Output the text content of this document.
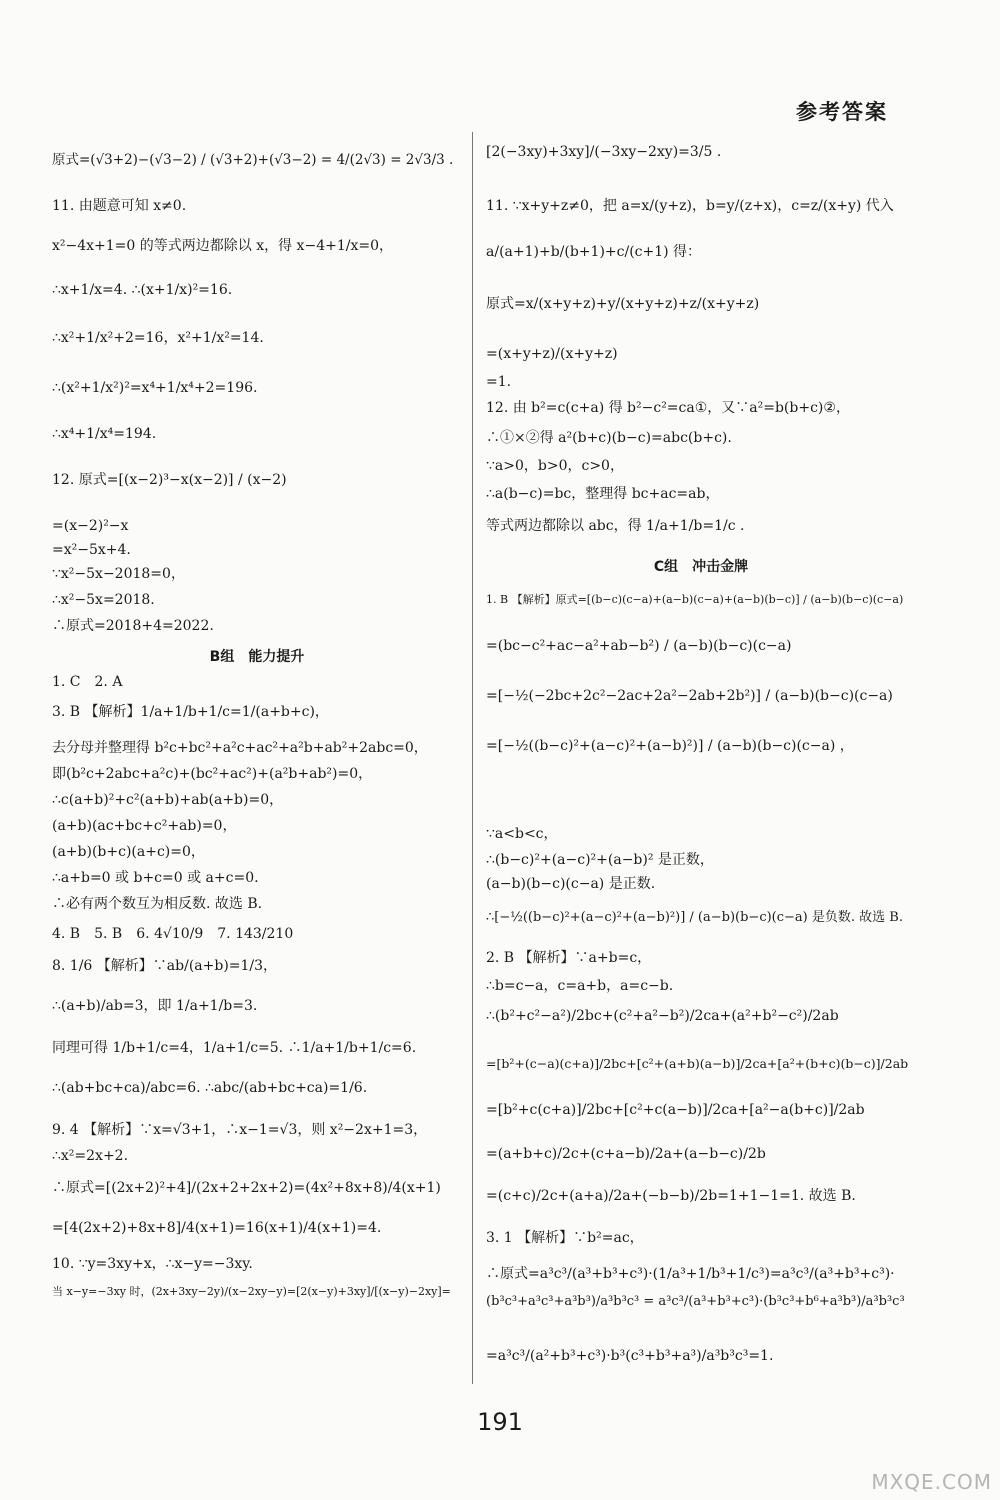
参考答案
原式=(√3+2)−(√3−2) / (√3+2)+(√3−2) = 4/(2√3) = 2√3/3 .
11. 由题意可知 x≠0.
x²−4x+1=0 的等式两边都除以 x，得 x−4+1/x=0，
∴x+1/x=4. ∴(x+1/x)²=16.
∴x²+1/x²+2=16，x²+1/x²=14.
∴(x²+1/x²)²=x⁴+1/x⁴+2=196.
∴x⁴+1/x⁴=194.
12. 原式=[(x−2)³−x(x−2)] / (x−2)
=(x−2)²−x
=x²−5x+4.
∵x²−5x−2018=0，
∴x²−5x=2018.
∴原式=2018+4=2022.
B组　能力提升
1. C　2. A
3. B 【解析】1/a+1/b+1/c=1/(a+b+c)，
去分母并整理得 b²c+bc²+a²c+ac²+a²b+ab²+2abc=0，
即(b²c+2abc+a²c)+(bc²+ac²)+(a²b+ab²)=0，
∴c(a+b)²+c²(a+b)+ab(a+b)=0，
(a+b)(ac+bc+c²+ab)=0，
(a+b)(b+c)(a+c)=0，
∴a+b=0 或 b+c=0 或 a+c=0.
∴必有两个数互为相反数. 故选 B.
4. B　5. B　6. 4√10/9　7. 143/210
8. 1/6 【解析】∵ab/(a+b)=1/3，
∴(a+b)/ab=3，即 1/a+1/b=3.
同理可得 1/b+1/c=4，1/a+1/c=5. ∴1/a+1/b+1/c=6.
∴(ab+bc+ca)/abc=6. ∴abc/(ab+bc+ca)=1/6.
9. 4 【解析】∵x=√3+1，∴x−1=√3，则 x²−2x+1=3，
∴x²=2x+2.
∴原式=[(2x+2)²+4]/(2x+2+2x+2)=(4x²+8x+8)/4(x+1)
=[4(2x+2)+8x+8]/4(x+1)=16(x+1)/4(x+1)=4.
10. ∵y=3xy+x，∴x−y=−3xy.
当 x−y=−3xy 时，(2x+3xy−2y)/(x−2xy−y)=[2(x−y)+3xy]/[(x−y)−2xy]=
[2(−3xy)+3xy]/(−3xy−2xy)=3/5 .
11. ∵x+y+z≠0，把 a=x/(y+z)，b=y/(z+x)，c=z/(x+y) 代入
a/(a+1)+b/(b+1)+c/(c+1) 得：
原式=x/(x+y+z)+y/(x+y+z)+z/(x+y+z)
=(x+y+z)/(x+y+z)
=1.
12. 由 b²=c(c+a) 得 b²−c²=ca①，又∵a²=b(b+c)②，
∴①×②得 a²(b+c)(b−c)=abc(b+c).
∵a>0，b>0，c>0，
∴a(b−c)=bc，整理得 bc+ac=ab，
等式两边都除以 abc，得 1/a+1/b=1/c .
C组　冲击金牌
1. B 【解析】原式=[(b−c)(c−a)+(a−b)(c−a)+(a−b)(b−c)] / (a−b)(b−c)(c−a)
=(bc−c²+ac−a²+ab−b²) / (a−b)(b−c)(c−a)
=[−½(−2bc+2c²−2ac+2a²−2ab+2b²)] / (a−b)(b−c)(c−a)
=[−½((b−c)²+(a−c)²+(a−b)²)] / (a−b)(b−c)(c−a) ，
∵a<b<c，
∴(b−c)²+(a−c)²+(a−b)² 是正数，
(a−b)(b−c)(c−a) 是正数.
∴[−½((b−c)²+(a−c)²+(a−b)²)] / (a−b)(b−c)(c−a) 是负数. 故选 B.
2. B 【解析】∵a+b=c，
∴b=c−a，c=a+b，a=c−b.
∴(b²+c²−a²)/2bc+(c²+a²−b²)/2ca+(a²+b²−c²)/2ab
=[b²+(c−a)(c+a)]/2bc+[c²+(a+b)(a−b)]/2ca+[a²+(b+c)(b−c)]/2ab
=[b²+c(c+a)]/2bc+[c²+c(a−b)]/2ca+[a²−a(b+c)]/2ab
=(a+b+c)/2c+(c+a−b)/2a+(a−b−c)/2b
=(c+c)/2c+(a+a)/2a+(−b−b)/2b=1+1−1=1. 故选 B.
3. 1 【解析】∵b²=ac，
∴原式=a³c³/(a³+b³+c³)·(1/a³+1/b³+1/c³)=a³c³/(a³+b³+c³)·
(b³c³+a³c³+a³b³)/a³b³c³ = a³c³/(a³+b³+c³)·(b³c³+b⁶+a³b³)/a³b³c³
=a³c³/(a²+b³+c³)·b³(c³+b³+a³)/a³b³c³=1.
191
MXQE.COM
